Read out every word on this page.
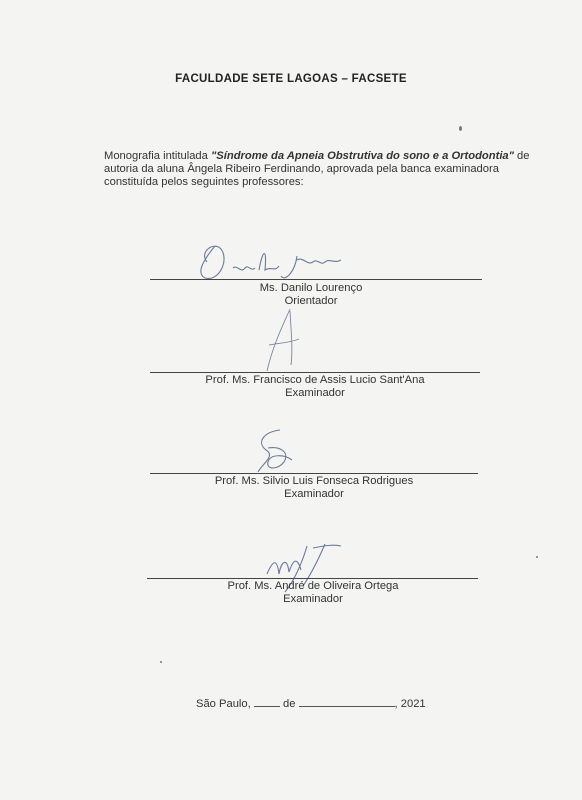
FACULDADE SETE LAGOAS – FACSETE
Monografia intitulada "Síndrome da Apneia Obstrutiva do sono e a Ortodontia" de autoria da aluna Ângela Ribeiro Ferdinando, aprovada pela banca examinadora constituída pelos seguintes professores:
Ms. Danilo Lourenço
Orientador
Prof. Ms. Francisco de Assis Lucio Sant'Ana
Examinador
Prof. Ms. Silvio Luis Fonseca Rodrigues
Examinador
Prof. Ms. André de Oliveira Ortega
Examinador
São Paulo,	de	, 2021
